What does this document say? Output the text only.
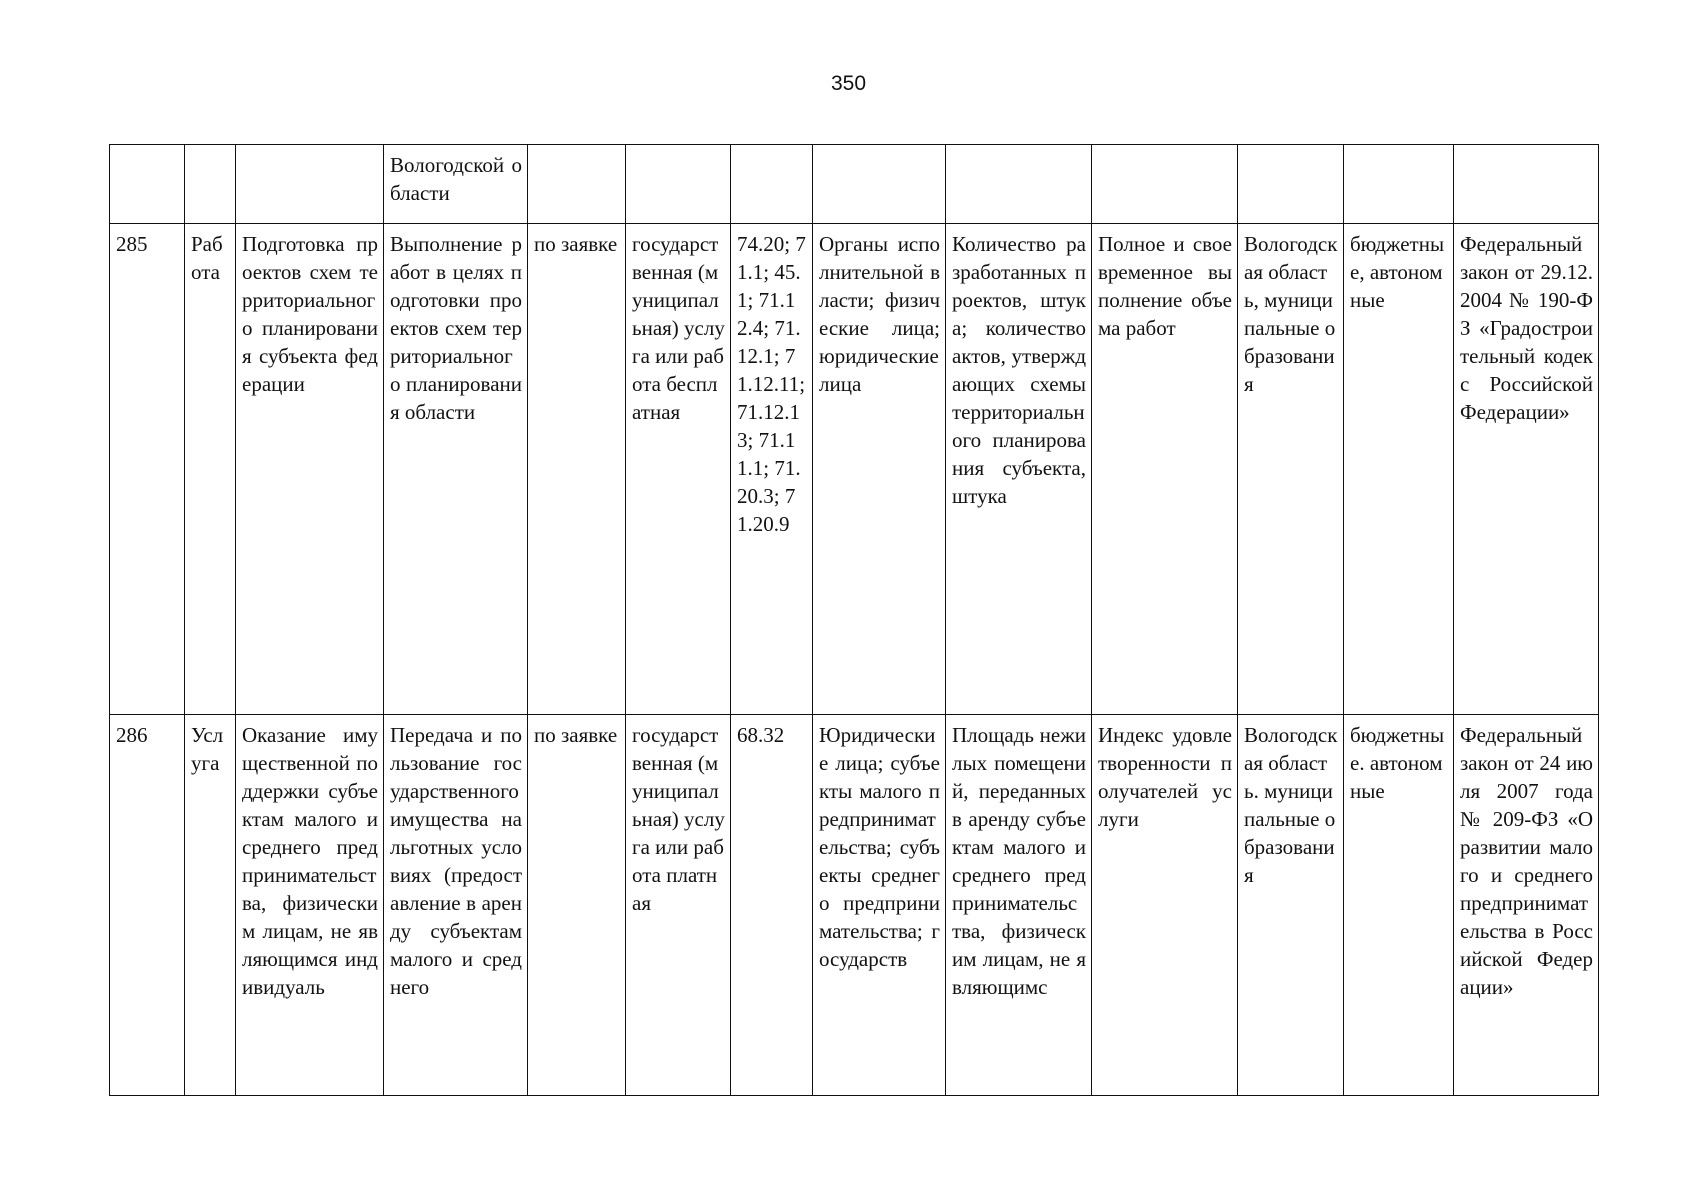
350
			Вологодской области									
285	Работа	Подготовка проектов схем территориального планирования субъекта федерации	Выполнение работ в целях подготовки проектов схем территориального планирования области	по заявке	государственная (муниципальная) услуга или работа бесплатная	74.20; 71.1; 45.1; 71.12.4; 71.12.1; 71.12.11; 71.12.13; 71.11.1; 71.20.3; 71.20.9	Органы исполнительной власти; физические лица; юридические лица	Количество разработанных проектов, штука; количество актов, утверждающих схемы территориального планирования субъекта, штука	Полное и своевременное выполнение объема работ	Вологодская область, муниципальные образования	бюджетные, автономные	Федеральный закон от 29.12.2004 № 190-ФЗ «Градостроительный кодекс Российской Федерации»
286	Услуга	Оказание имущественной поддержки субъектам малого и среднего предпринимательства, физическим лицам, не являющимся индивидуаль	Передача и пользование государственного имущества на льготных условиях (предоставление в аренду субъектам малого и среднего	по заявке	государственная (муниципальная) услуга или работа платная	68.32	Юридические лица; субъекты малого предпринимательства; субъекты среднего предпринимательства; государств	Площадь нежилых помещений, переданных в аренду субъектам малого и среднего предпринимательства, физическим лицам, не являющимс	Индекс удовлетворенности получателей услуги	Вологодская область. муниципальные образования	бюджетные. автономные	Федеральный закон от 24 июля 2007 года № 209-ФЗ «О развитии малого и среднего предпринимательства в Российской Федерации»
